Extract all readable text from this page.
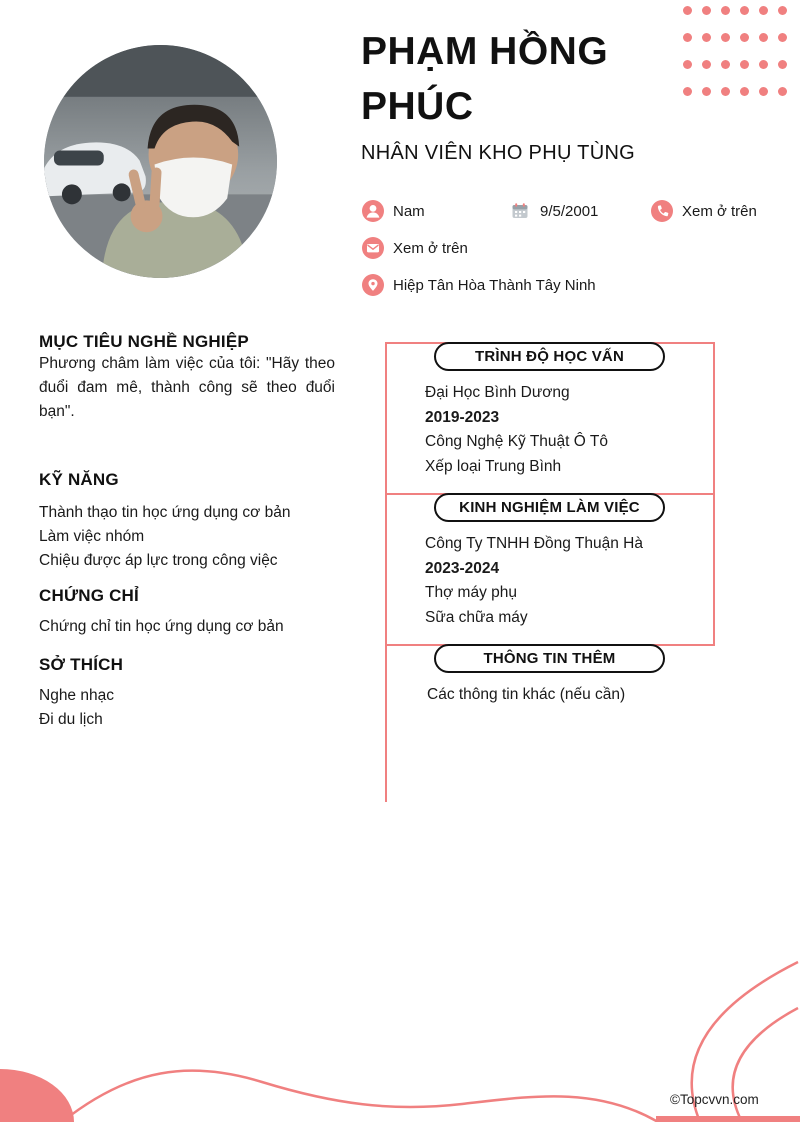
PHẠM HỒNG PHÚC
NHÂN VIÊN KHO PHỤ TÙNG
Nam	9/5/2001	Xem ở trên
Xem ở trên
Hiệp Tân Hòa Thành Tây Ninh
MỤC TIÊU NGHỀ NGHIỆP

Phương châm làm việc của tôi: "Hãy theo đuổi đam mê, thành công sẽ theo đuổi bạn".

KỸ NĂNG
Thành thạo tin học ứng dụng cơ bản
Làm việc nhóm
Chiệu được áp lực trong công việc
CHỨNG CHỈ
Chứng chỉ tin học ứng dụng cơ bản
SỞ THÍCH
Nghe nhạc
Đi du lịch
TRÌNH ĐỘ HỌC VẤN
Đại Học Bình Dương
2019-2023
Công Nghệ Kỹ Thuật Ô Tô
Xếp loại Trung Bình
KINH NGHIỆM LÀM VIỆC
Công Ty TNHH Đồng Thuận Hà
2023-2024
Thợ máy phụ
Sữa chữa máy
THÔNG TIN THÊM
Các thông tin khác (nếu cần)
©Topcvvn.com
